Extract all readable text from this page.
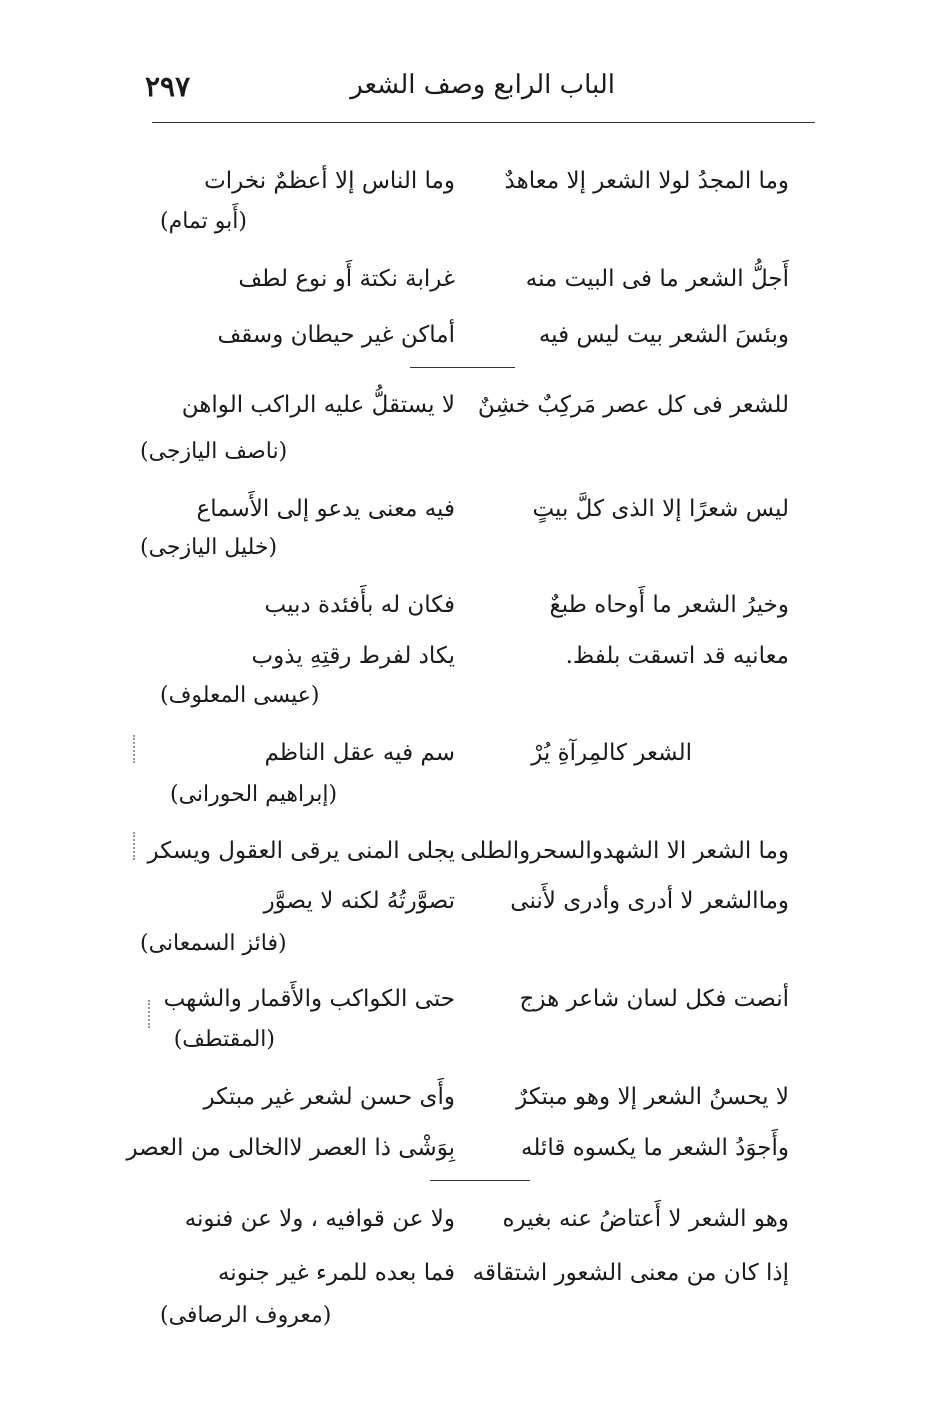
الباب الرابع وصف الشعر
٢٩٧
وما المجدُ لولا الشعر إلا معاهدٌ
وما الناس إلا أعظمٌ نخرات
(أَبو تمام)
أَجلُّ الشعر ما فى البيت منه
غرابة نكتة أَو نوع لطف
وبئسَ الشعر بيت ليس فيه
أماكن غير حيطان وسقف
للشعر فى كل عصر مَركِبٌ خشِنٌ
لا يستقلُّ عليه الراكب الواهن
(ناصف اليازجى)
ليس شعرًا إلا الذى كلَّ بيتٍ
فيه معنى يدعو إلى الأَسماع
(خليل اليازجى)
وخيرُ الشعر ما أَوحاه طبعٌ
فكان له بأَفئدة دبيب
معانيه قد اتسقت بلفظ.
يكاد لفرط رقتِهِ يذوب
(عيسى المعلوف)
الشعر كالمِرآةِ يُرْ
سم فيه عقل الناظم
(إبراهيم الحورانى)
وما الشعر الا الشهدوالسحروالطلى
يجلى المنى يرقى العقول ويسكر
وماالشعر لا أدرى وأدرى لأَننى
تصوَّرتُهُ لكنه لا يصوَّر
(فائز السمعانى)
أنصت فكل لسان شاعر هزج
حتى الكواكب والأَقمار والشهب
(المقتطف)
لا يحسنُ الشعر إلا وهو مبتكرٌ
وأَى حسن لشعر غير مبتكر
وأَجوَدُ الشعر ما يكسوه قائله
بِوَشْى ذا العصر لاالخالى من العصر
وهو الشعر لا أَعتاضُ عنه بغيره
ولا عن قوافيه ، ولا عن فنونه
إذا كان من معنى الشعور اشتقاقه
فما بعده للمرء غير جنونه
(معروف الرصافى)
